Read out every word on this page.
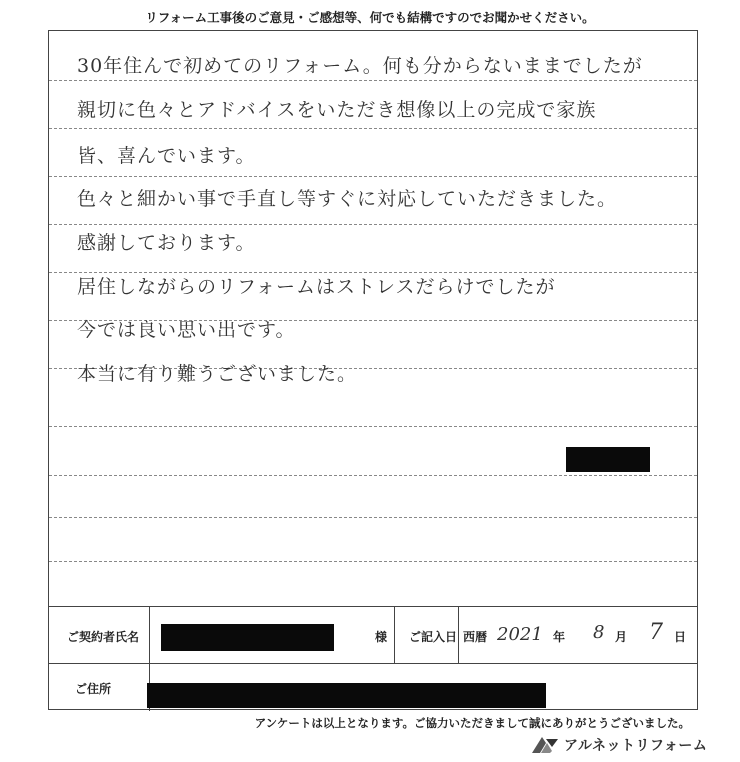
リフォーム工事後のご意見・ご感想等、何でも結構ですのでお聞かせください。
30年住んで初めてのリフォーム。何も分からないままでしたが
親切に色々とアドバイスをいただき想像以上の完成で家族
皆、喜んでいます。
色々と細かい事で手直し等すぐに対応していただきました。
感謝しております。
居住しながらのリフォームはストレスだらけでしたが
今では良い思い出です。
本当に有り難うございました。
ご契約者氏名	様 ご記入日 西暦 2021 年 8 月 7 日
ご住所
アンケートは以上となります。ご協力いただきまして誠にありがとうございました。
アルネットリフォーム
